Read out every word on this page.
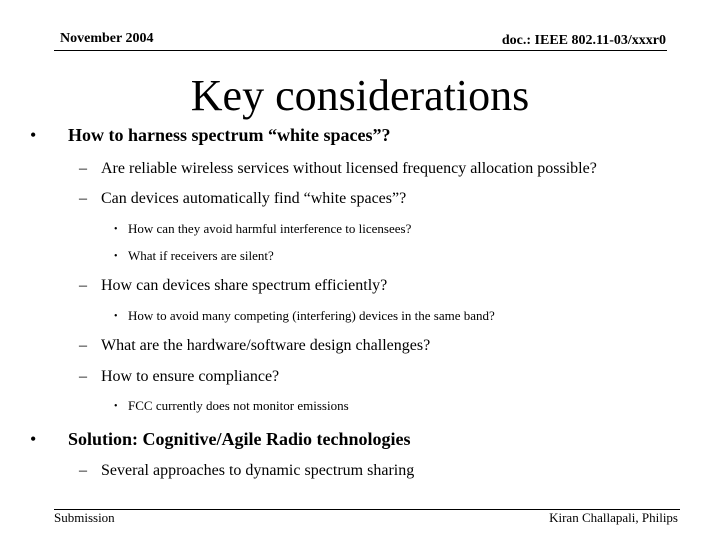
November 2004	doc.: IEEE 802.11-03/xxxr0
Key considerations
• How to harness spectrum “white spaces”?
– Are reliable wireless services without licensed frequency allocation possible?
– Can devices automatically find “white spaces”?
• How can they avoid harmful interference to licensees?
• What if receivers are silent?
– How can devices share spectrum efficiently?
• How to avoid many competing (interfering) devices in the same band?
– What are the hardware/software design challenges?
– How to ensure compliance?
• FCC currently does not monitor emissions
• Solution: Cognitive/Agile Radio technologies
– Several approaches to dynamic spectrum sharing
Submission	Kiran Challapali, Philips
